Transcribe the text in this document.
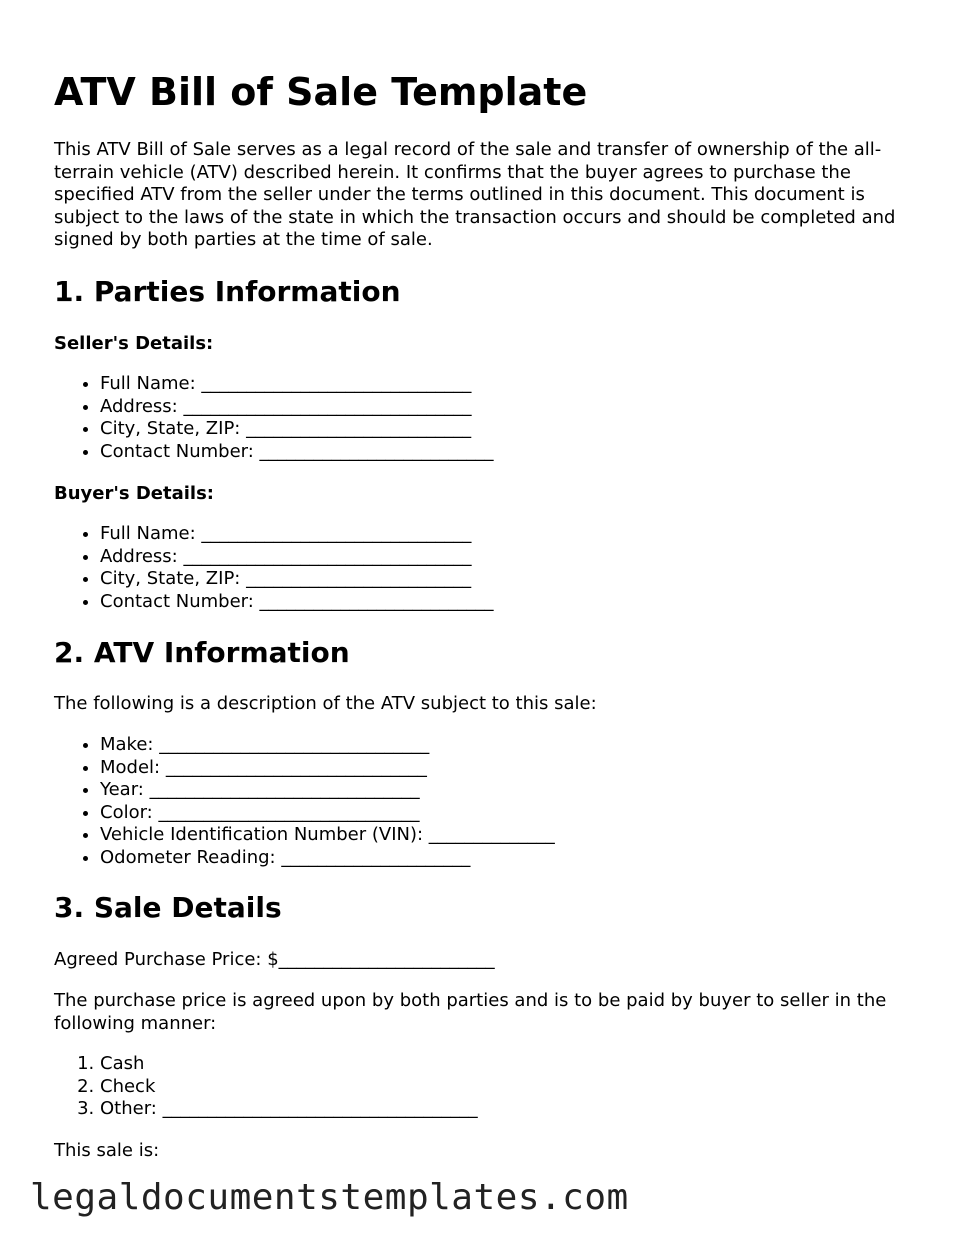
ATV Bill of Sale Template

This ATV Bill of Sale serves as a legal record of the sale and transfer of ownership of the all-terrain vehicle (ATV) described herein. It confirms that the buyer agrees to purchase the specified ATV from the seller under the terms outlined in this document. This document is subject to the laws of the state in which the transaction occurs and should be completed and signed by both parties at the time of sale.

1. Parties Information
Seller's Details:
• Full Name: ______________________________
• Address: ________________________________
• City, State, ZIP: _________________________
• Contact Number: __________________________
Buyer's Details:
• Full Name: ______________________________
• Address: ________________________________
• City, State, ZIP: _________________________
• Contact Number: __________________________
2. ATV Information

The following is a description of the ATV subject to this sale:

• Make: ______________________________
• Model: _____________________________
• Year: ______________________________
• Color: _____________________________
• Vehicle Identification Number (VIN): ______________
• Odometer Reading: _____________________
3. Sale Details

Agreed Purchase Price: $________________________

The purchase price is agreed upon by both parties and is to be paid by buyer to seller in the following manner:

1. Cash
2. Check
3. Other: ___________________________________

This sale is:

legaldocumentstemplates.com
